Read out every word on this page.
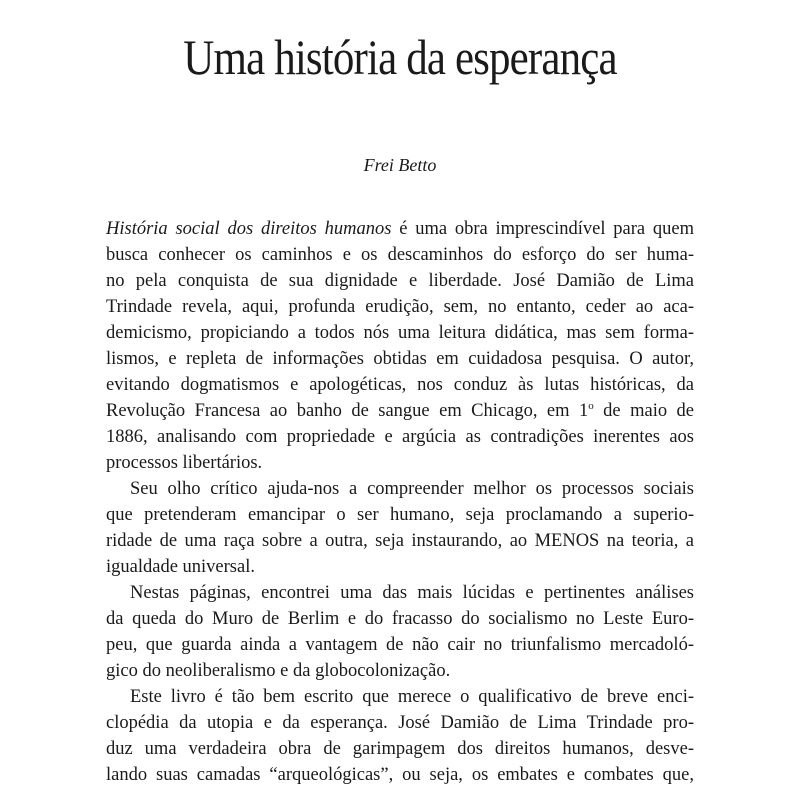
Uma história da esperança

Frei Betto

História social dos direitos humanos é uma obra imprescindível para quem
busca conhecer os caminhos e os descaminhos do esforço do ser huma-
no pela conquista de sua dignidade e liberdade. José Damião de Lima
Trindade revela, aqui, profunda erudição, sem, no entanto, ceder ao aca-
demicismo, propiciando a todos nós uma leitura didática, mas sem forma-
lismos, e repleta de informações obtidas em cuidadosa pesquisa. O autor,
evitando dogmatismos e apologéticas, nos conduz às lutas históricas, da
Revolução Francesa ao banho de sangue em Chicago, em 1$^o$ de maio de
1886, analisando com propriedade e argúcia as contradições inerentes aos
processos libertários.
Seu olho crítico ajuda-nos a compreender melhor os processos sociais
que pretenderam emancipar o ser humano, seja proclamando a superio-
ridade de uma raça sobre a outra, seja instaurando, ao MENOS na teoria, a
igualdade universal.
Nestas páginas, encontrei uma das mais lúcidas e pertinentes análises
da queda do Muro de Berlim e do fracasso do socialismo no Leste Euro-
peu, que guarda ainda a vantagem de não cair no triunfalismo mercadoló-
gico do neoliberalismo e da globocolonização.
Este livro é tão bem escrito que merece o qualificativo de breve enci-
clopédia da utopia e da esperança. José Damião de Lima Trindade pro-
duz uma verdadeira obra de garimpagem dos direitos humanos, desve-
lando suas camadas “arqueológicas”, ou seja, os embates e combates que,
